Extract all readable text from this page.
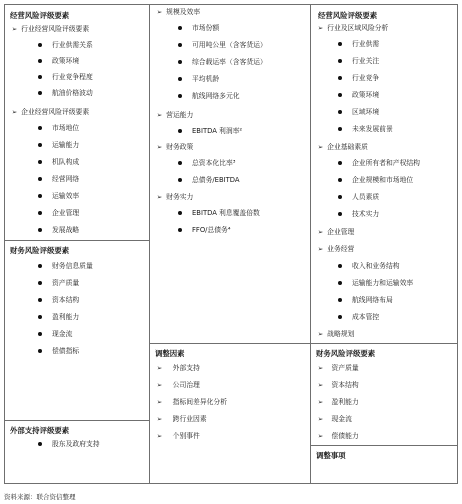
经营风险评级要素
➢ 行业经营风险评级要素
行业供需关系
政策环境
行业竞争程度
航油价格波动
➢ 企业经营风险评级要素
市场地位
运输能力
机队构成
经营网络
运输效率
企业管理
发展战略
财务风险评级要素
财务信息质量
资产质量
资本结构
盈利能力
现金流
偿债指标
外部支持评级要素
股东及政府支持
➢ 规模及效率
市场份额
可用吨公里（含客货运）
综合载运率（含客货运）
平均机龄
航线网络多元化
➢ 营运能力
EBITDA 利润率²
➢ 财务政策
总资本化比率³
总债务/EBITDA
➢ 财务实力
EBITDA 利息覆盖倍数
FFO/总债务⁴
调整因素
➢ 外部支持
➢ 公司治理
➢ 指标间差异化分析
➢ 跨行业因素
➢ 个别事件
经营风险评级要素
➢ 行业及区域风险分析
行业供需
行业关注
行业竞争
政策环境
区域环境
未来发展前景
➢ 企业基础素质
企业所有者和产权结构
企业规模和市场地位
人员素质
技术实力
➢ 企业管理
➢ 业务经营
收入和业务结构
运输能力和运输效率
航线网络布局
成本管控
➢ 战略规划
财务风险评级要素
➢ 资产质量
➢ 资本结构
➢ 盈利能力
➢ 现金流
➢ 偿债能力
调整事项
资料来源：联合资信整理
